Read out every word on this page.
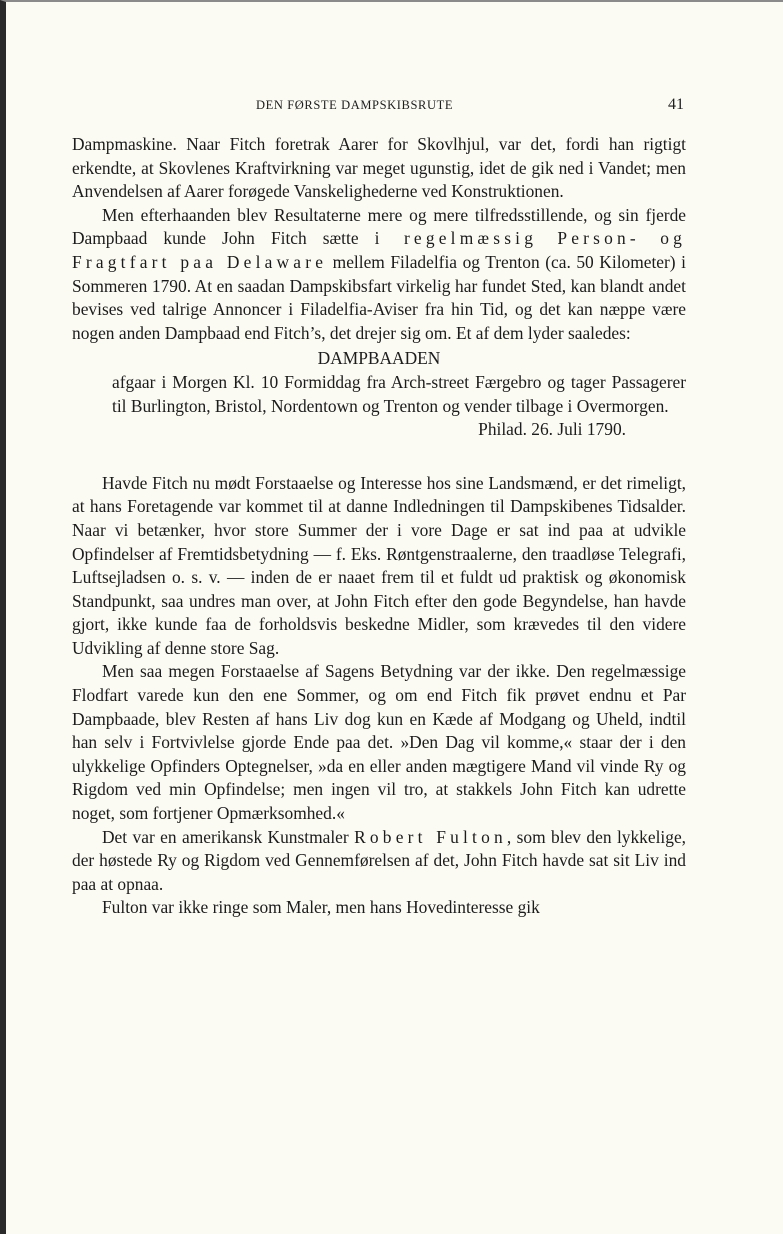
DEN FØRSTE DAMPSKIBSRUTE	41

Dampmaskine. Naar Fitch foretrak Aarer for Skovlhjul, var det, fordi han rigtigt erkendte, at Skovlenes Kraftvirkning var meget ugunstig, idet de gik ned i Vandet; men Anvendelsen af Aarer forøgede Vanskelighederne ved Konstruktionen.

Men efterhaanden blev Resultaterne mere og mere tilfredsstillende, og sin fjerde Dampbaad kunde John Fitch sætte i regelmæssig Person- og Fragtfart paa Delaware mellem Filadelfia og Trenton (ca. 50 Kilometer) i Sommeren 1790. At en saadan Dampskibsfart virkelig har fundet Sted, kan blandt andet bevises ved talrige Annoncer i Filadelfia-Aviser fra hin Tid, og det kan næppe være nogen anden Dampbaad end Fitch’s, det drejer sig om. Et af dem lyder saaledes:

DAMPBAADEN

afgaar i Morgen Kl. 10 Formiddag fra Arch-street Færgebro og tager Passagerer til Burlington, Bristol, Nordentown og Trenton og vender tilbage i Overmorgen.

Philad. 26. Juli 1790.

Havde Fitch nu mødt Forstaaelse og Interesse hos sine Landsmænd, er det rimeligt, at hans Foretagende var kommet til at danne Indledningen til Dampskibenes Tidsalder. Naar vi betænker, hvor store Summer der i vore Dage er sat ind paa at udvikle Opfindelser af Fremtidsbetydning — f. Eks. Røntgenstraalerne, den traadløse Telegrafi, Luftsejladsen o. s. v. — inden de er naaet frem til et fuldt ud praktisk og økonomisk Standpunkt, saa undres man over, at John Fitch efter den gode Begyndelse, han havde gjort, ikke kunde faa de forholdsvis beskedne Midler, som krævedes til den videre Udvikling af denne store Sag.

Men saa megen Forstaaelse af Sagens Betydning var der ikke. Den regelmæssige Flodfart varede kun den ene Sommer, og om end Fitch fik prøvet endnu et Par Dampbaade, blev Resten af hans Liv dog kun en Kæde af Modgang og Uheld, indtil han selv i Fortvivlelse gjorde Ende paa det. »Den Dag vil komme,« staar der i den ulykkelige Opfinders Optegnelser, »da en eller anden mægtigere Mand vil vinde Ry og Rigdom ved min Opfindelse; men ingen vil tro, at stakkels John Fitch kan udrette noget, som fortjener Opmærksomhed.«

Det var en amerikansk Kunstmaler Robert Fulton, som blev den lykkelige, der høstede Ry og Rigdom ved Gennemførelsen af det, John Fitch havde sat sit Liv ind paa at opnaa.

Fulton var ikke ringe som Maler, men hans Hovedinteresse gik
